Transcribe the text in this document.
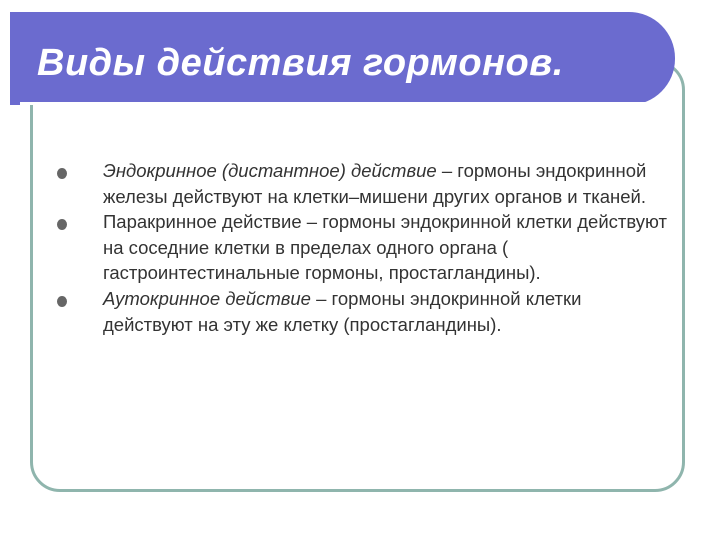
Виды действия гормонов.
Эндокринное (дистантное) действие – гормоны эндокринной железы действуют на клетки–мишени других органов и тканей.
Паракринное действие – гормоны эндокринной клетки действуют на соседние клетки в пределах одного органа ( гастроинтестинальные гормоны, простагландины).
Аутокринное действие – гормоны эндокринной клетки действуют на эту же клетку (простагландины).
